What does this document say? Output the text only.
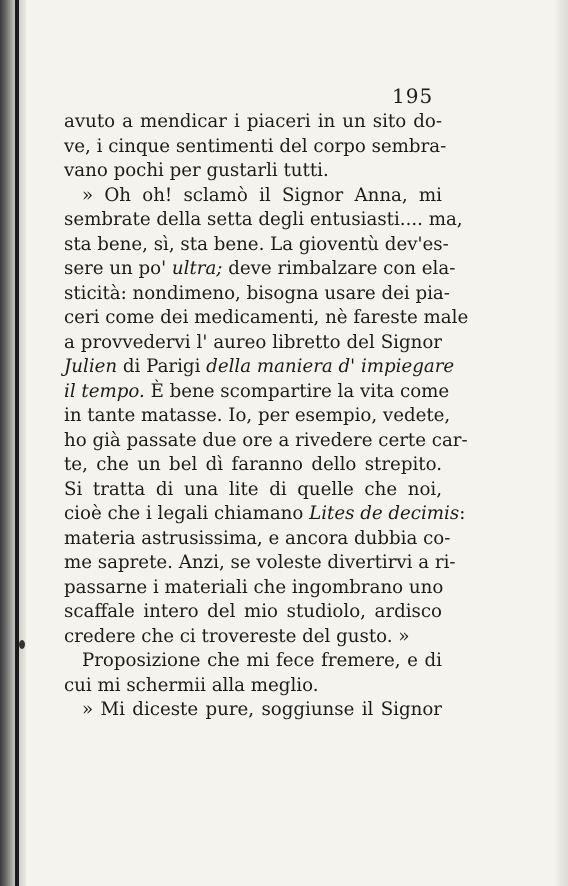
195
avuto a mendicar i piaceri in un sito do-
ve, i cinque sentimenti del corpo sembra-
vano pochi per gustarli tutti.
» Oh oh! sclamò il Signor Anna, mi
sembrate della setta degli entusiasti.... ma,
sta bene, sì, sta bene. La gioventù dev'es-
sere un po' ultra; deve rimbalzare con ela-
sticità: nondimeno, bisogna usare dei pia-
ceri come dei medicamenti, nè fareste male
a provvedervi l' aureo libretto del Signor
Julien di Parigi della maniera d' impiegare
il tempo. È bene scompartire la vita come
in tante matasse. Io, per esempio, vedete,
ho già passate due ore a rivedere certe car-
te, che un bel dì faranno dello strepito.
Si tratta di una lite di quelle che noi,
cioè che i legali chiamano Lites de decimis:
materia astrusissima, e ancora dubbia co-
me saprete. Anzi, se voleste divertirvi a ri-
passarne i materiali che ingombrano uno
scaffale intero del mio studiolo, ardisco
credere che ci trovereste del gusto. »
Proposizione che mi fece fremere, e di
cui mi schermii alla meglio.
» Mi diceste pure, soggiunse il Signor
